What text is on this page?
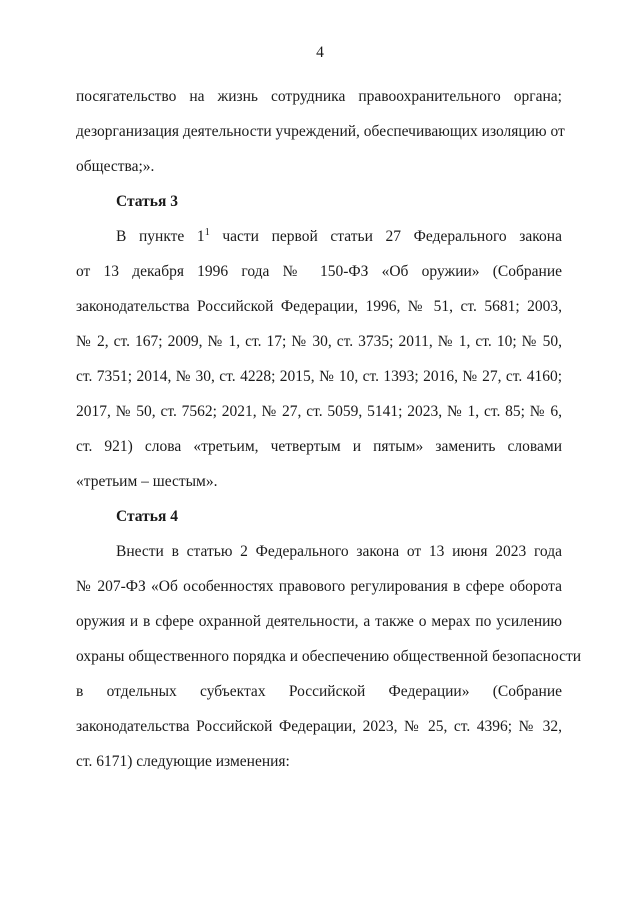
4
посягательство на жизнь сотрудника правоохранительного органа;
дезорганизация деятельности учреждений, обеспечивающих изоляцию от
общества;».
Статья 3
В пункте $1^1$ части первой статьи 27 Федерального закона
от 13 декабря 1996 года № 150-ФЗ «Об оружии» (Собрание
законодательства Российской Федерации, 1996, № 51, ст. 5681; 2003,
№ 2, ст. 167; 2009, № 1, ст. 17; № 30, ст. 3735; 2011, № 1, ст. 10; № 50,
ст. 7351; 2014, № 30, ст. 4228; 2015, № 10, ст. 1393; 2016, № 27, ст. 4160;
2017, № 50, ст. 7562; 2021, № 27, ст. 5059, 5141; 2023, № 1, ст. 85; № 6,
ст. 921) слова «третьим, четвертым и пятым» заменить словами
«третьим – шестым».
Статья 4
Внести в статью 2 Федерального закона от 13 июня 2023 года
№ 207-ФЗ «Об особенностях правового регулирования в сфере оборота
оружия и в сфере охранной деятельности, а также о мерах по усилению
охраны общественного порядка и обеспечению общественной безопасности
в отдельных субъектах Российской Федерации» (Собрание
законодательства Российской Федерации, 2023, № 25, ст. 4396; № 32,
ст. 6171) следующие изменения:
